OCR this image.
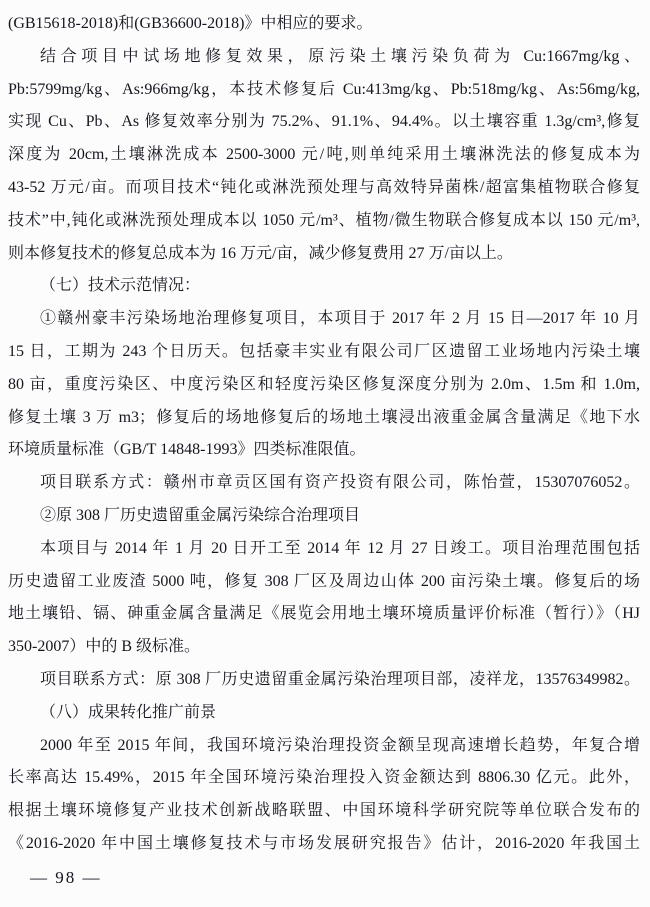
(GB15618-2018)和(GB36600-2018)》中相应的要求。
结合项目中试场地修复效果，原污染土壤污染负荷为 Cu:1667mg/kg、
Pb:5799mg/kg、As:966mg/kg，本技术修复后 Cu:413mg/kg、Pb:518mg/kg、As:56mg/kg,
实现 Cu、Pb、As 修复效率分别为 75.2%、91.1%、94.4%。以土壤容重 1.3g/cm³,修复
深度为 20cm,土壤淋洗成本 2500-3000 元/吨,则单纯采用土壤淋洗法的修复成本为
43-52 万元/亩。而项目技术“钝化或淋洗预处理与高效特异菌株/超富集植物联合修复
技术”中,钝化或淋洗预处理成本以 1050 元/m³、植物/微生物联合修复成本以 150 元/m³,
则本修复技术的修复总成本为 16 万元/亩，减少修复费用 27 万/亩以上。
（七）技术示范情况：
①赣州豪丰污染场地治理修复项目，本项目于 2017 年 2 月 15 日—2017 年 10 月
15 日，工期为 243 个日历天。包括豪丰实业有限公司厂区遗留工业场地内污染土壤
80 亩，重度污染区、中度污染区和轻度污染区修复深度分别为 2.0m、1.5m 和 1.0m,
修复土壤 3 万 m3；修复后的场地修复后的场地土壤浸出液重金属含量满足《地下水
环境质量标准（GB/T 14848-1993》四类标准限值。
项目联系方式：赣州市章贡区国有资产投资有限公司，陈怡萱，15307076052。
②原 308 厂历史遗留重金属污染综合治理项目
本项目与 2014 年 1 月 20 日开工至 2014 年 12 月 27 日竣工。项目治理范围包括
历史遗留工业废渣 5000 吨，修复 308 厂区及周边山体 200 亩污染土壤。修复后的场
地土壤铅、镉、砷重金属含量满足《展览会用地土壤环境质量评价标准（暂行）》（HJ
350-2007）中的 B 级标准。
项目联系方式：原 308 厂历史遗留重金属污染治理项目部，凌祥龙，13576349982。
（八）成果转化推广前景
2000 年至 2015 年间，我国环境污染治理投资金额呈现高速增长趋势，年复合增
长率高达 15.49%，2015 年全国环境污染治理投入资金额达到 8806.30 亿元。此外，
根据土壤环境修复产业技术创新战略联盟、中国环境科学研究院等单位联合发布的
《2016-2020 年中国土壤修复技术与市场发展研究报告》估计，2016-2020 年我国土
— 98 —
